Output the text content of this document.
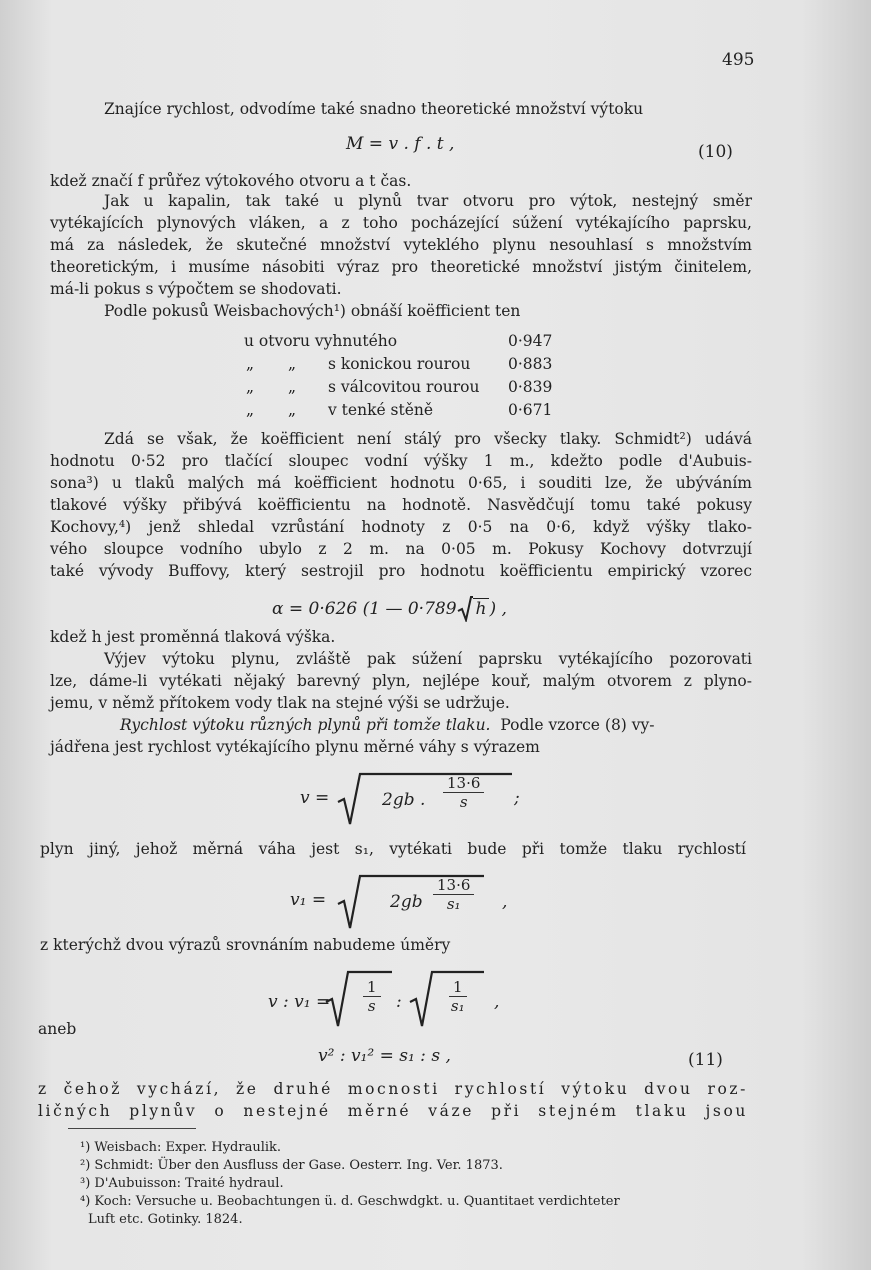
495
Znajíce rychlost, odvodíme také snadno theoretické množství výtoku
M = v . f . t ,	(10)
kdež značí f průřez výtokového otvoru a t čas.
Jak u kapalin, tak také u plynů tvar otvoru pro výtok, nestejný směr
vytékajících plynových vláken, a z toho pocházející súžení vytékajícího paprsku,
má za následek, že skutečné množství vyteklého plynu nesouhlasí s množstvím
theoretickým, i musíme násobiti výraz pro theoretické množství jistým činitelem,
má-li pokus s výpočtem se shodovati.
Podle pokusů Weisbachových¹) obnáší koëfficient ten
u otvoru vyhnutého	0·947
„ „ s konickou rourou 0·883
„ „ s válcovitou rourou 0·839
„ „ v tenké stěně	0·671
Zdá se však, že koëfficient není stálý pro všecky tlaky. Schmidt²) udává
hodnotu 0·52 pro tlačící sloupec vodní výšky 1 m., kdežto podle d'Aubuis-
sona³) u tlaků malých má koëfficient hodnotu 0·65, i souditi lze, že ubýváním
tlakové výšky přibývá koëfficientu na hodnotě. Nasvědčují tomu také pokusy
Kochovy,⁴) jenž shledal vzrůstání hodnoty z 0·5 na 0·6, když výšky tlako-
vého sloupce vodního ubylo z 2 m. na 0·05 m. Pokusy Kochovy dotvrzují
také vývody Buffovy, který sestrojil pro hodnotu koëfficientu empirický vzorec
α = 0·626 (1 — 0·789 h ) ,
kdež h jest proměnná tlaková výška.
Výjev výtoku plynu, zvláště pak súžení paprsku vytékajícího pozorovati
lze, dáme-li vytékati nějaký barevný plyn, nejlépe kouř, malým otvorem z plyno-
jemu, v němž přítokem vody tlak na stejné výši se udržuje.
Rychlost výtoku různých plynů při tomže tlaku. Podle vzorce (8) vy-
jádřena jest rychlost vytékajícího plynu měrné váhy s výrazem
v =	2gb . $\frac{13\cdot 6}{s}$ ;
plyn jiný, jehož měrná váha jest s₁, vytékati bude při tomže tlaku rychlostí
v₁ =	$2gb \frac{13\cdot 6}{\text{s₁}}$ ,
z kterýchž dvou výrazů srovnáním nabudeme úměry
v : $v_1 = \frac{1}{s}$ :	$\frac{1}{\text{s₁}}$ ,
aneb
v² : v₁² = s₁ : s ,	(11)
z čehož vychází, že druhé mocnosti rychlostí výtoku dvou roz-
ličných plynův o nestejné měrné váze při stejném tlaku jsou
¹) Weisbach: Exper. Hydraulik.
²) Schmidt: Über den Ausfluss der Gase. Oesterr. Ing. Ver. 1873.
³) D'Aubuisson: Traité hydraul.
⁴) Koch: Versuche u. Beobachtungen ü. d. Geschwdgkt. u. Quantitaet verdichteter
Luft etc. Gotinky. 1824.
